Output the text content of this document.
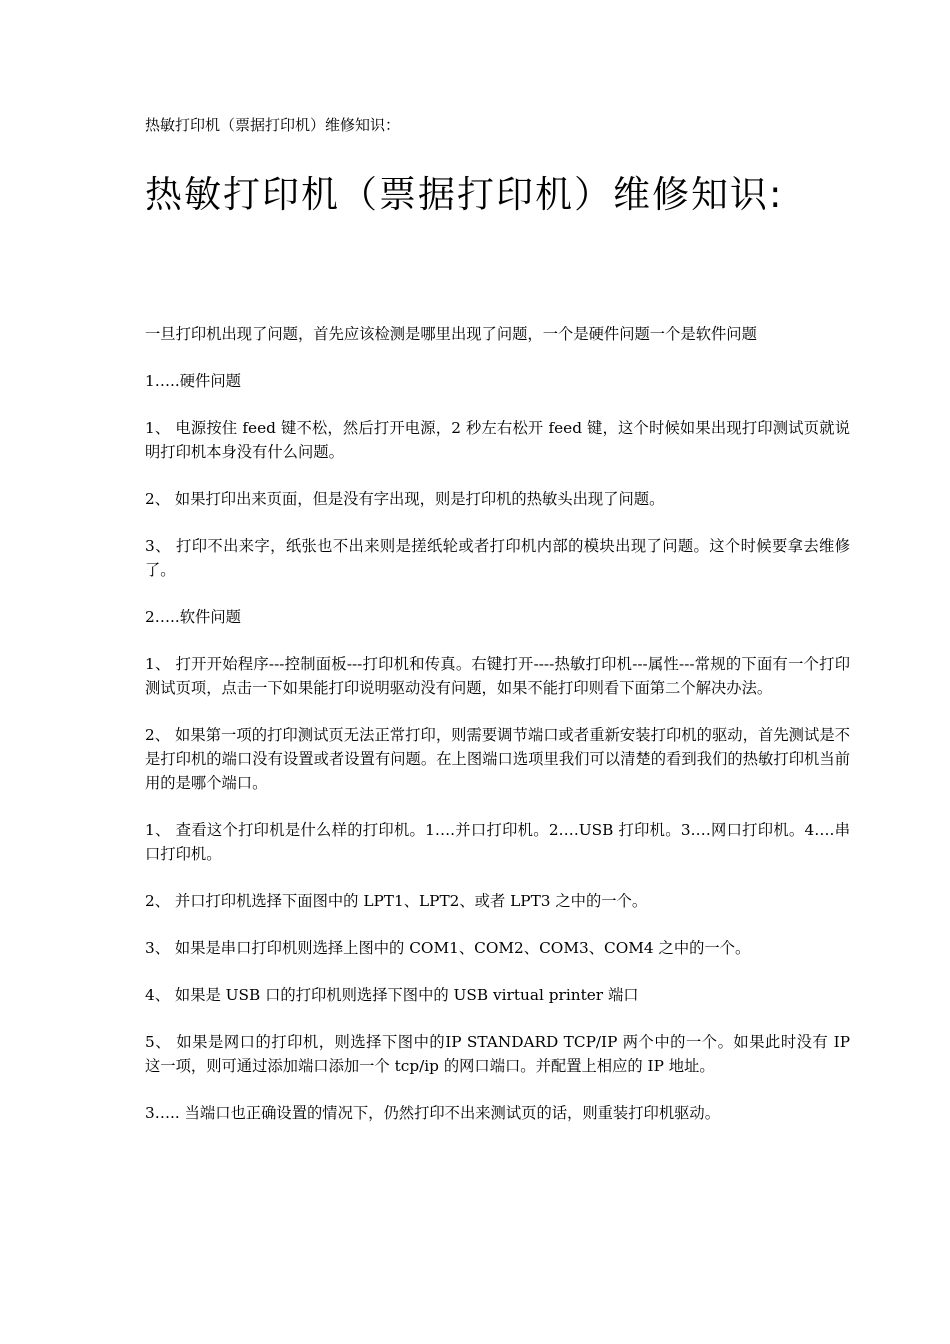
热敏打印机（票据打印机）维修知识：

热敏打印机（票据打印机）维修知识:

一旦打印机出现了问题，首先应该检测是哪里出现了问题，一个是硬件问题一个是软件问题

1…..硬件问题

1、 电源按住 feed 键不松，然后打开电源，2 秒左右松开 feed 键，这个时候如果出现打印测试页就说明打印机本身没有什么问题。

2、 如果打印出来页面，但是没有字出现，则是打印机的热敏头出现了问题。

3、 打印不出来字，纸张也不出来则是搓纸轮或者打印机内部的模块出现了问题。这个时候要拿去维修了。

2…..软件问题

1、 打开开始程序---控制面板---打印机和传真。右键打开----热敏打印机---属性---常规的下面有一个打印测试页项，点击一下如果能打印说明驱动没有问题，如果不能打印则看下面第二个解决办法。

2、 如果第一项的打印测试页无法正常打印，则需要调节端口或者重新安装打印机的驱动，首先测试是不是打印机的端口没有设置或者设置有问题。在上图端口选项里我们可以清楚的看到我们的热敏打印机当前用的是哪个端口。

1、 查看这个打印机是什么样的打印机。1….并口打印机。2….USB 打印机。3….网口打印机。4….串口打印机。

2、 并口打印机选择下面图中的 LPT1、LPT2、或者 LPT3 之中的一个。

3、 如果是串口打印机则选择上图中的 COM1、COM2、COM3、COM4 之中的一个。

4、 如果是 USB 口的打印机则选择下图中的 USB virtual printer 端口

5、 如果是网口的打印机，则选择下图中的IP STANDARD TCP/IP 两个中的一个。如果此时没有 IP 这一项，则可通过添加端口添加一个 tcp/ip 的网口端口。并配置上相应的 IP 地址。

3….. 当端口也正确设置的情况下，仍然打印不出来测试页的话，则重装打印机驱动。
